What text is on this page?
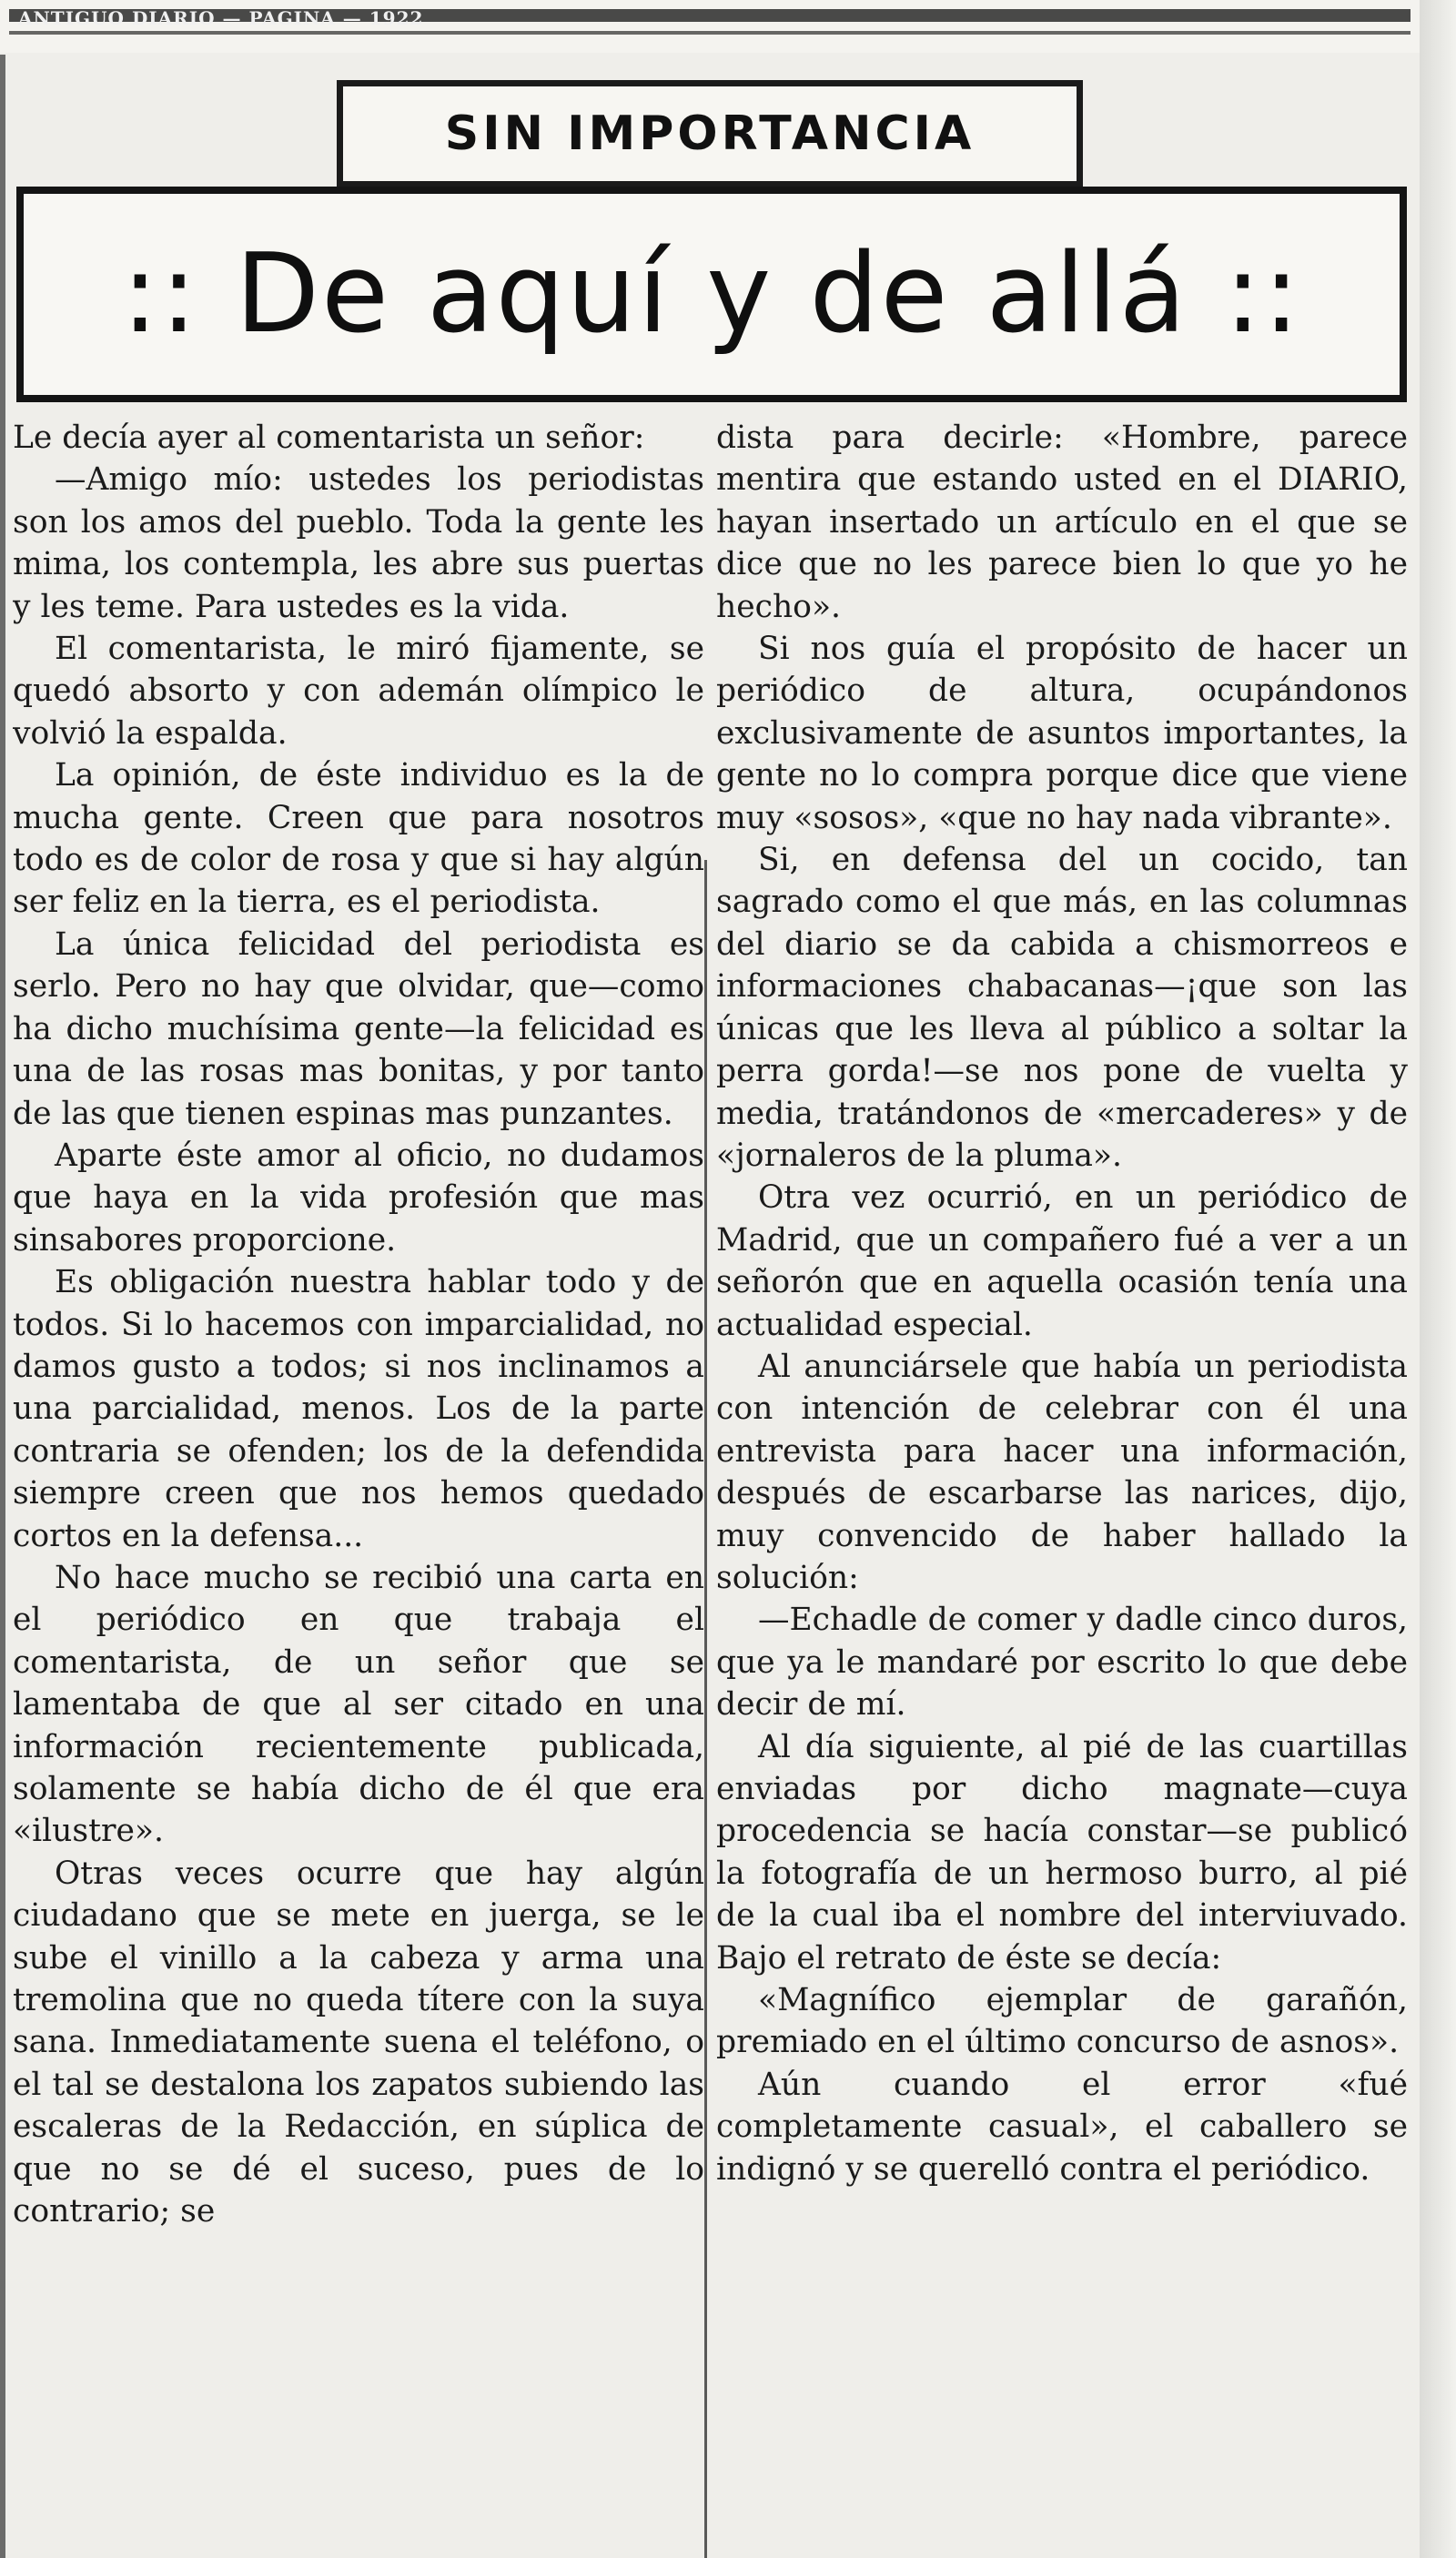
ANTIGUO DIARIO — PAGINA — 1922
SIN IMPORTANCIA
:: De aquí y de allá ::

Le decía ayer al comentarista un señor:

—Amigo mío: ustedes los periodistas son los amos del pueblo. Toda la gente les mima, los contempla, les abre sus puertas y les teme. Para ustedes es la vida.

El comentarista, le miró fijamente, se quedó absorto y con ademán olímpico le volvió la espalda.

La opinión, de éste individuo es la de mucha gente. Creen que para nosotros todo es de color de rosa y que si hay algún ser feliz en la tierra, es el periodista.

La única felicidad del periodista es serlo. Pero no hay que olvidar, que—como ha dicho muchísima gente—la felicidad es una de las rosas mas bonitas, y por tanto de las que tienen espinas mas punzantes.

Aparte éste amor al oficio, no dudamos que haya en la vida profesión que mas sinsabores proporcione.

Es obligación nuestra hablar todo y de todos. Si lo hacemos con imparcialidad, no damos gusto a todos; si nos inclinamos a una parcialidad, menos. Los de la parte contraria se ofenden; los de la defendida siempre creen que nos hemos quedado cortos en la defensa...

No hace mucho se recibió una carta en el periódico en que trabaja el comentarista, de un señor que se lamentaba de que al ser citado en una información recientemente publicada, solamente se había dicho de él que era «ilustre».

Otras veces ocurre que hay algún ciudadano que se mete en juerga, se le sube el vinillo a la cabeza y arma una tremolina que no queda títere con la suya sana. Inmediatamente suena el teléfono, o el tal se destalona los zapatos subiendo las escaleras de la Redacción, en súplica de que no se dé el suceso, pues de lo contrario; se

dista para decirle: «Hombre, parece mentira que estando usted en el DIARIO, hayan insertado un artículo en el que se dice que no les parece bien lo que yo he hecho».

Si nos guía el propósito de hacer un periódico de altura, ocupándonos exclusivamente de asuntos importantes, la gente no lo compra porque dice que viene muy «sosos», «que no hay nada vibrante».

Si, en defensa del un cocido, tan sagrado como el que más, en las columnas del diario se da cabida a chismorreos e informaciones chabacanas—¡que son las únicas que les lleva al público a soltar la perra gorda!—se nos pone de vuelta y media, tratándonos de «mercaderes» y de «jornaleros de la pluma».

Otra vez ocurrió, en un periódico de Madrid, que un compañero fué a ver a un señorón que en aquella ocasión tenía una actualidad especial.

Al anunciársele que había un periodista con intención de celebrar con él una entrevista para hacer una información, después de escarbarse las narices, dijo, muy convencido de haber hallado la solución:

—Echadle de comer y dadle cinco duros, que ya le mandaré por escrito lo que debe decir de mí.

Al día siguiente, al pié de las cuartillas enviadas por dicho magnate—cuya procedencia se hacía constar—se publicó la fotografía de un hermoso burro, al pié de la cual iba el nombre del interviuvado. Bajo el retrato de éste se decía:

«Magnífico ejemplar de garañón, premiado en el último concurso de asnos».

Aún cuando el error «fué completamente casual», el caballero se indignó y se querelló contra el periódico.
